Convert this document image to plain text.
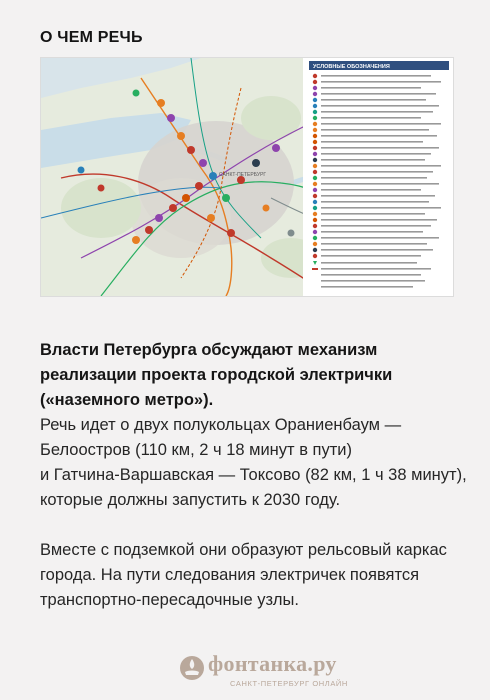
О ЧЕМ РЕЧЬ
САНКТ-ПЕТЕРБУРГ
УСЛОВНЫЕ ОБОЗНАЧЕНИЯ
Власти Петербурга обсуждают механизм реализации проекта городской электрички («наземного метро»).
Речь идет о двух полукольцах Ораниенбаум —
Белоостров (110 км, 2 ч 18 минут в пути)
и Гатчина-Варшавская — Токсово (82 км, 1 ч 38 минут),
которые должны запустить к 2030 году.
Вместе с подземкой они образуют рельсовый каркас
города. На пути следования электричек появятся
транспортно-пересадочные узлы.
фонтанка.ру
САНКТ-ПЕТЕРБУРГ ОНЛАЙН
